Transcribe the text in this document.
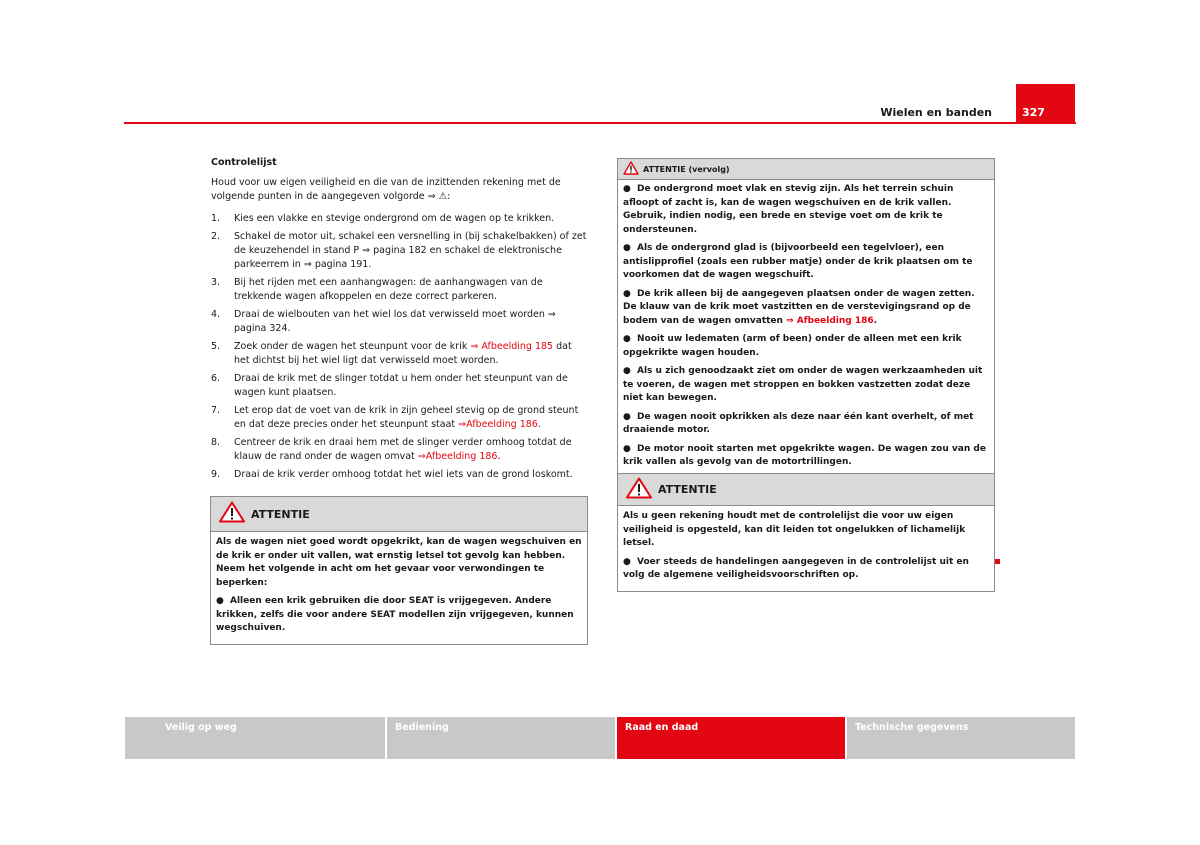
Wielen en banden	327
Controlelijst
Houd voor uw eigen veiligheid en die van de inzittenden rekening met de volgende punten in de aangegeven volgorde ⇒ ⚠:
1. Kies een vlakke en stevige ondergrond om de wagen op te krikken.
2. Schakel de motor uit, schakel een versnelling in (bij schakelbakken) of zet de keuzehendel in stand P ⇒ pagina 182 en schakel de elektronische parkeerrem in ⇒ pagina 191.
3. Bij het rijden met een aanhangwagen: de aanhangwagen van de trekkende wagen afkoppelen en deze correct parkeren.
4. Draai de wielbouten van het wiel los dat verwisseld moet worden ⇒ pagina 324.
5. Zoek onder de wagen het steunpunt voor de krik ⇒ Afbeelding 185 dat het dichtst bij het wiel ligt dat verwisseld moet worden.
6. Draai de krik met de slinger totdat u hem onder het steunpunt van de wagen kunt plaatsen.
7. Let erop dat de voet van de krik in zijn geheel stevig op de grond steunt en dat deze precies onder het steunpunt staat ⇒Afbeelding 186.
8. Centreer de krik en draai hem met de slinger verder omhoog totdat de klauw de rand onder de wagen omvat ⇒Afbeelding 186.
9. Draai de krik verder omhoog totdat het wiel iets van de grond loskomt.
ATTENTIE

Als de wagen niet goed wordt opgekrikt, kan de wagen wegschuiven en de krik er onder uit vallen, wat ernstig letsel tot gevolg kan hebben. Neem het volgende in acht om het gevaar voor verwondingen te beperken:

● Alleen een krik gebruiken die door SEAT is vrijgegeven. Andere krikken, zelfs die voor andere SEAT modellen zijn vrijgegeven, kunnen wegschuiven.

ATTENTIE (vervolg)

● De ondergrond moet vlak en stevig zijn. Als het terrein schuin afloopt of zacht is, kan de wagen wegschuiven en de krik vallen. Gebruik, indien nodig, een brede en stevige voet om de krik te ondersteunen.

● Als de ondergrond glad is (bijvoorbeeld een tegelvloer), een antislipprofiel (zoals een rubber matje) onder de krik plaatsen om te voorkomen dat de wagen wegschuift.

● De krik alleen bij de aangegeven plaatsen onder de wagen zetten. De klauw van de krik moet vastzitten en de verstevigingsrand op de bodem van de wagen omvatten ⇒ Afbeelding 186.

● Nooit uw ledematen (arm of been) onder de alleen met een krik opgekrikte wagen houden.

● Als u zich genoodzaakt ziet om onder de wagen werkzaamheden uit te voeren, de wagen met stroppen en bokken vastzetten zodat deze niet kan bewegen.

● De wagen nooit opkrikken als deze naar één kant overhelt, of met draaiende motor.

● De motor nooit starten met opgekrikte wagen. De wagen zou van de krik vallen als gevolg van de motortrillingen.

ATTENTIE

Als u geen rekening houdt met de controlelijst die voor uw eigen veiligheid is opgesteld, kan dit leiden tot ongelukken of lichamelijk letsel.

● Voer steeds de handelingen aangegeven in de controlelijst uit en volg de algemene veiligheidsvoorschriften op.

Veilig op weg	Bediening	Raad en daad	Technische gegevens
